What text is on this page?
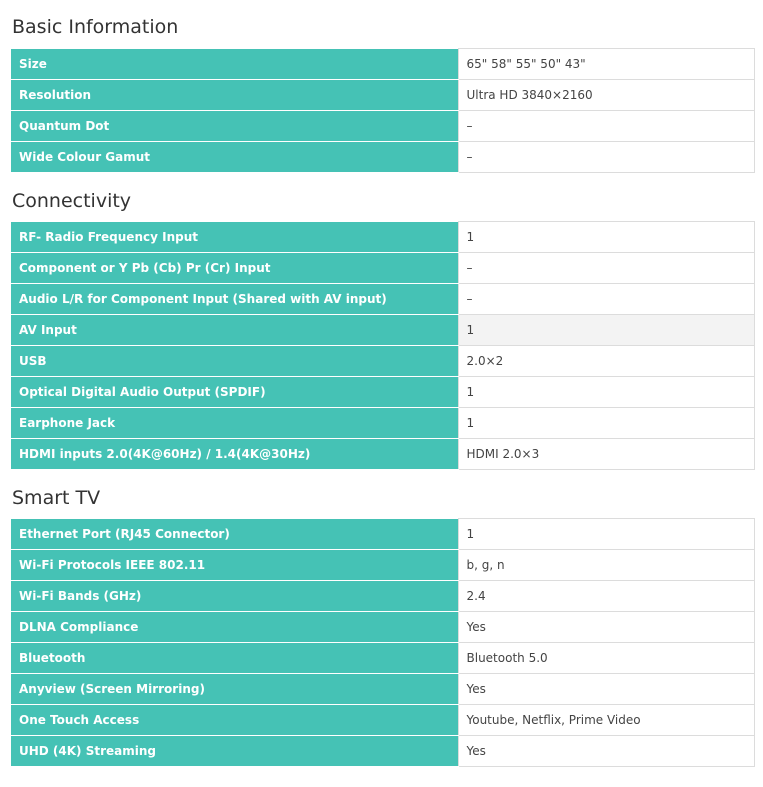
Basic Information
Size	65" 58" 55" 50" 43"
Resolution	Ultra HD 3840×2160
Quantum Dot	–
Wide Colour Gamut	–
Connectivity
RF- Radio Frequency Input	1
Component or Y Pb (Cb) Pr (Cr) Input	–
Audio L/R for Component Input (Shared with AV input)	–
AV Input	1
USB	2.0×2
Optical Digital Audio Output (SPDIF)	1
Earphone Jack	1
HDMI inputs 2.0(4K@60Hz) / 1.4(4K@30Hz)	HDMI 2.0×3
Smart TV
Ethernet Port (RJ45 Connector)	1
Wi-Fi Protocols IEEE 802.11	b, g, n
Wi-Fi Bands (GHz)	2.4
DLNA Compliance	Yes
Bluetooth	Bluetooth 5.0
Anyview (Screen Mirroring)	Yes
One Touch Access	Youtube, Netflix, Prime Video
UHD (4K) Streaming	Yes
